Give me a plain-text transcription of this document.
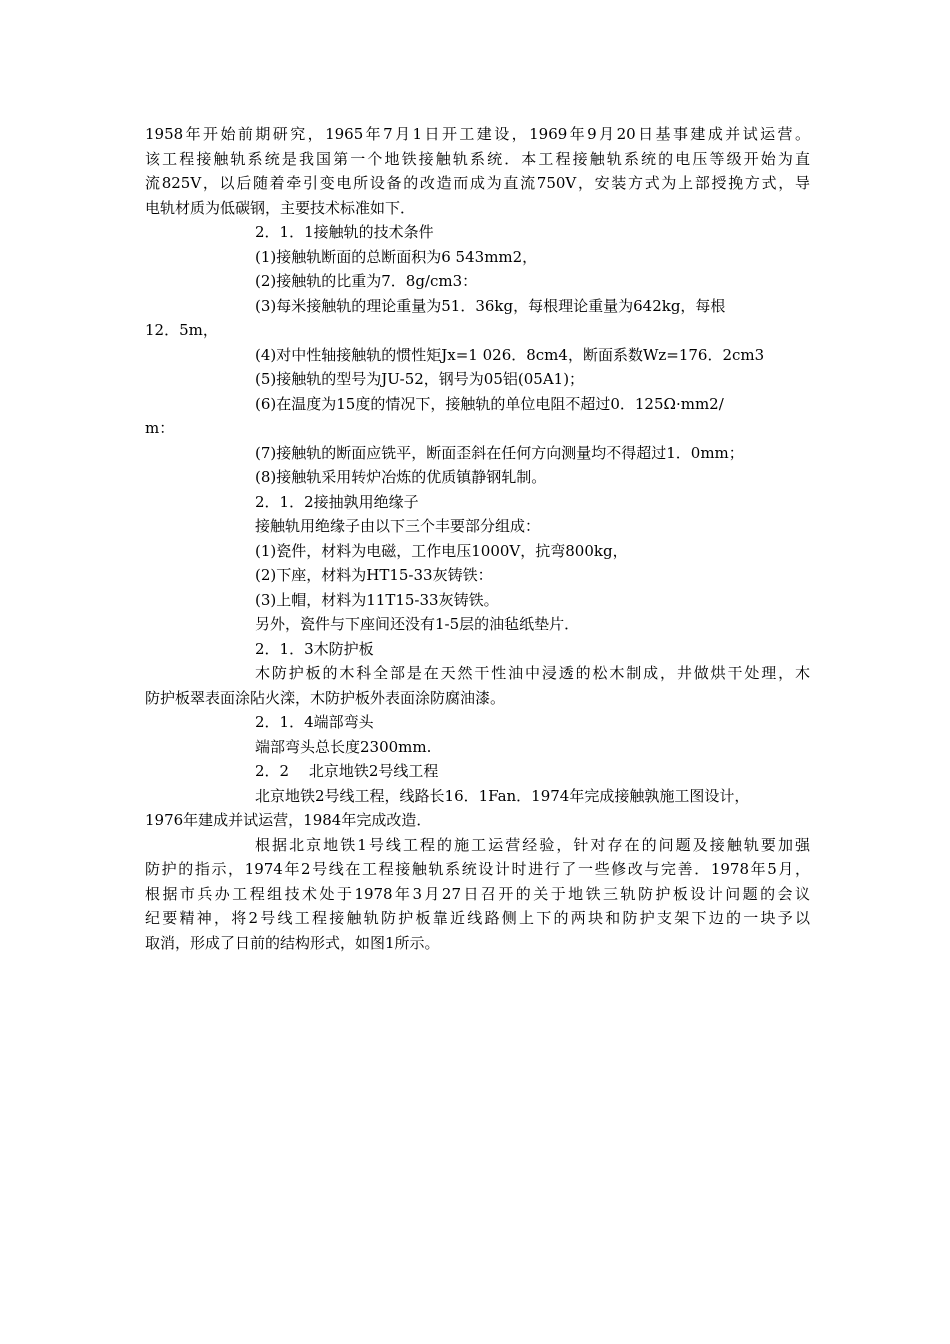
1958年开始前期研究，1965年7月1日开工建设，1969年9月20日基事建成并试运营。
该工程接触轨系统是我国第一个地铁接触轨系统．本工程接触轨系统的电压等级开始为直
流825V，以后随着牵引变电所设备的改造而成为直流750V，安装方式为上部授挽方式，导
电轨材质为低碳钢，主要技术标准如下．
2．1．1接触轨的技术条件
(1)接触轨断面的总断面积为6 543mm2，
(2)接触轨的比重为7．8g/cm3：
(3)每米接触轨的理论重量为51．36kg，每根理论重量为642kg，每根
12．5m，
(4)对中性轴接触轨的惯性矩Jx=1 026．8cm4，断面系数Wz=176．2cm3
(5)接触轨的型号为JU-52，钢号为05铝(05A1)；
(6)在温度为15度的情况下，接触轨的单位电阻不超过0．125Ω·mm2/
m：
(7)接触轨的断面应铣平，断面歪斜在任何方向测量均不得超过1．0mm；
(8)接触轨采用转炉冶炼的优质镇静钢轧制。
2．1．2接抽孰用绝缘子
接触轨用绝缘子由以下三个丰要部分组成：
(1)瓷件，材料为电磁，工作电压1000V，抗弯800kg，
(2)下座，材料为HT15-33灰铸铁：
(3)上帽，材料为11T15-33灰铸铁。
另外，瓷件与下座间还没有1-5层的油毡纸垫片．
2．1．3木防护板
木防护板的木科全部是在天然干性油中浸透的松木制成，井做烘干处理，木
防护板翠表面涂阽火滦，木防护板外表面涂防腐油漆。
2．1．4端部弯头
端部弯头总长度2300mm.
2．2　 北京地铁2号线工程
北京地铁2号线工程，线路长16．1Fan．1974年完成接触孰施工图设计，
1976年建成并试运营，1984年完成改造．
根据北京地铁1号线工程的施工运营经验，针对存在的问题及接触轨要加强
防护的指示，1974年2号线在工程接触轨系统设计时进行了一些修改与完善．1978年5月，
根据市兵办工程组技术处于1978年3月27日召开的关于地铁三轨防护板设计问题的会议
纪要精神，将2号线工程接触轨防护板靠近线路侧上下的两块和防护支架下边的一块予以
取消，形成了日前的结构形式，如图1所示。
